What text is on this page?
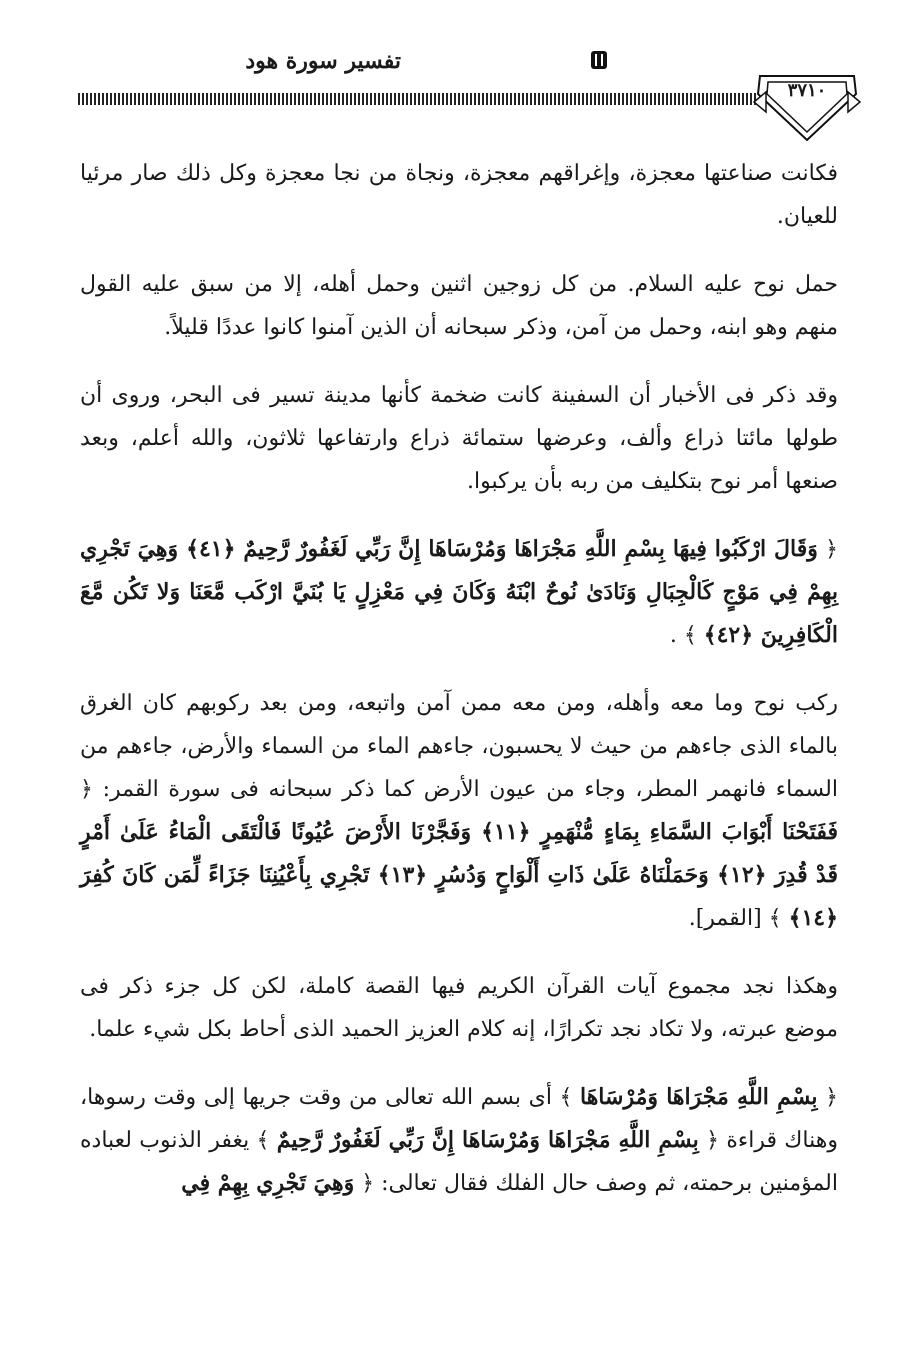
تفسير سورة هود
٣٧١٠

فكانت صناعتها معجزة، وإغراقهم معجزة، ونجاة من نجا معجزة وكل ذلك صار مرئيا للعيان.

حمل نوح عليه السلام. من كل زوجين اثنين وحمل أهله، إلا من سبق عليه القول منهم وهو ابنه، وحمل من آمن، وذكر سبحانه أن الذين آمنوا كانوا عددًا قليلاً.

وقد ذكر فى الأخبار أن السفينة كانت ضخمة كأنها مدينة تسير فى البحر، وروى أن طولها مائتا ذراع وألف، وعرضها ستمائة ذراع وارتفاعها ثلاثون، والله أعلم، وبعد صنعها أمر نوح بتكليف من ربه بأن يركبوا.

﴿ وَقَالَ ارْكَبُوا فِيهَا بِسْمِ اللَّهِ مَجْرَاهَا وَمُرْسَاهَا إِنَّ رَبِّي لَغَفُورٌ رَّحِيمٌ ﴿٤١﴾ وَهِيَ تَجْرِي بِهِمْ فِي مَوْجٍ كَالْجِبَالِ وَنَادَىٰ نُوحٌ ابْنَهُ وَكَانَ فِي مَعْزِلٍ يَا بُنَيَّ ارْكَب مَّعَنَا وَلا تَكُن مَّعَ الْكَافِرِينَ ﴿٤٢﴾ ﴾ .

ركب نوح وما معه وأهله، ومن معه ممن آمن واتبعه، ومن بعد ركوبهم كان الغرق بالماء الذى جاءهم من حيث لا يحسبون، جاءهم الماء من السماء والأرض، جاءهم من السماء فانهمر المطر، وجاء من عيون الأرض كما ذكر سبحانه فى سورة القمر: ﴿ فَفَتَحْنَا أَبْوَابَ السَّمَاءِ بِمَاءٍ مُّنْهَمِرٍ ﴿١١﴾ وَفَجَّرْنَا الأَرْضَ عُيُونًا فَالْتَقَى الْمَاءُ عَلَىٰ أَمْرٍ قَدْ قُدِرَ ﴿١٢﴾ وَحَمَلْنَاهُ عَلَىٰ ذَاتِ أَلْوَاحٍ وَدُسُرٍ ﴿١٣﴾ تَجْرِي بِأَعْيُنِنَا جَزَاءً لِّمَن كَانَ كُفِرَ ﴿١٤﴾ ﴾ [القمر].

وهكذا نجد مجموع آيات القرآن الكريم فيها القصة كاملة، لكن كل جزء ذكر فى موضع عبرته، ولا تكاد نجد تكرارًا، إنه كلام العزيز الحميد الذى أحاط بكل شيء علما.

﴿ بِسْمِ اللَّهِ مَجْرَاهَا وَمُرْسَاهَا ﴾ أى بسم الله تعالى من وقت جريها إلى وقت رسوها، وهناك قراءة ﴿ بِسْمِ اللَّهِ مَجْرَاهَا وَمُرْسَاهَا إِنَّ رَبِّي لَغَفُورٌ رَّحِيمٌ ﴾ يغفر الذنوب لعباده المؤمنين برحمته، ثم وصف حال الفلك فقال تعالى: ﴿ وَهِيَ تَجْرِي بِهِمْ فِي
